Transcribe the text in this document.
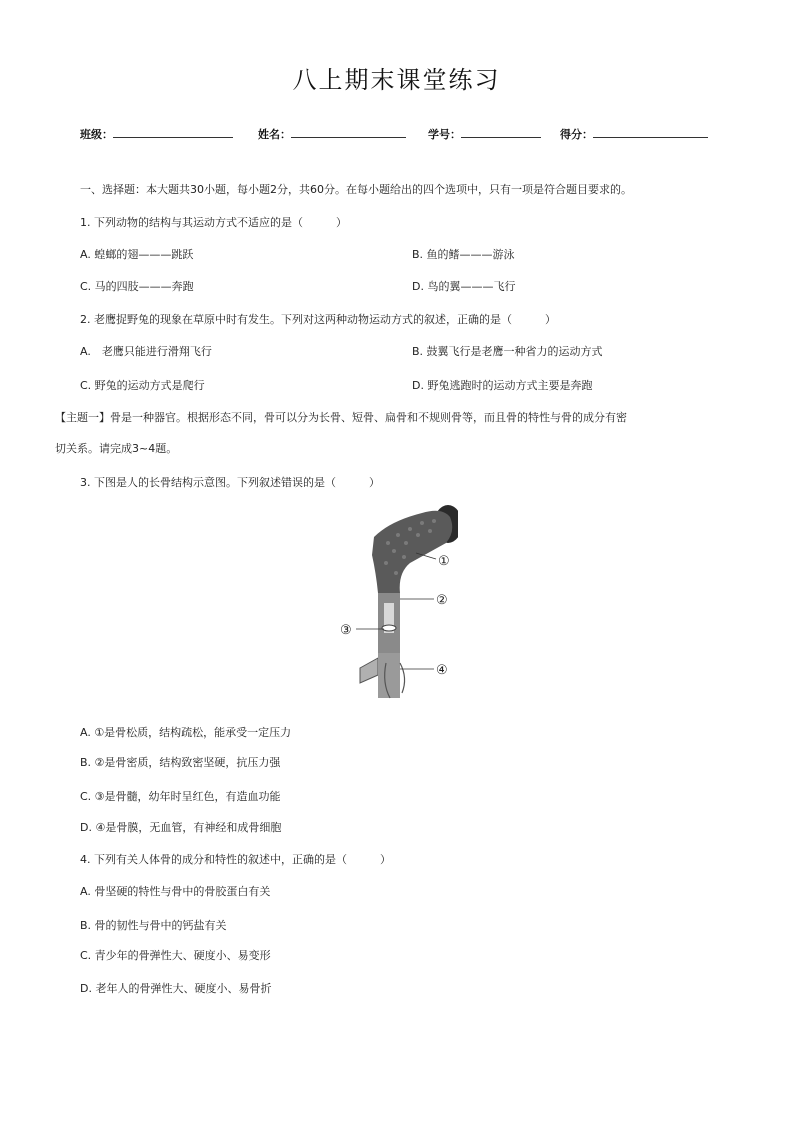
八上期末课堂练习
班级：	姓名：	学号：	得分：
一、选择题：本大题共30小题，每小题2分，共60分。在每小题给出的四个选项中，只有一项是符合题目要求的。
1. 下列动物的结构与其运动方式不适应的是（　　　）
A. 蝗螂的翅———跳跃	B. 鱼的鳍———游泳
C. 马的四肢———奔跑	D. 鸟的翼———飞行
2. 老鹰捉野兔的现象在草原中时有发生。下列对这两种动物运动方式的叙述，正确的是（　　　）
A.　老鹰只能进行滑翔飞行	B. 鼓翼飞行是老鹰一种省力的运动方式
C. 野兔的运动方式是爬行	D. 野兔逃跑时的运动方式主要是奔跑
【主题一】骨是一种器官。根据形态不同，骨可以分为长骨、短骨、扁骨和不规则骨等，而且骨的特性与骨的成分有密
切关系。请完成3~4题。
3. 下图是人的长骨结构示意图。下列叙述错误的是（　　　）
①
②
③
④
A. ①是骨松质，结构疏松，能承受一定压力
B. ②是骨密质，结构致密坚硬，抗压力强
C. ③是骨髓，幼年时呈红色，有造血功能
D. ④是骨膜，无血管，有神经和成骨细胞
4. 下列有关人体骨的成分和特性的叙述中，正确的是（　　　）
A. 骨坚硬的特性与骨中的骨胶蛋白有关
B. 骨的韧性与骨中的钙盐有关
C. 青少年的骨弹性大、硬度小、易变形
D. 老年人的骨弹性大、硬度小、易骨折
